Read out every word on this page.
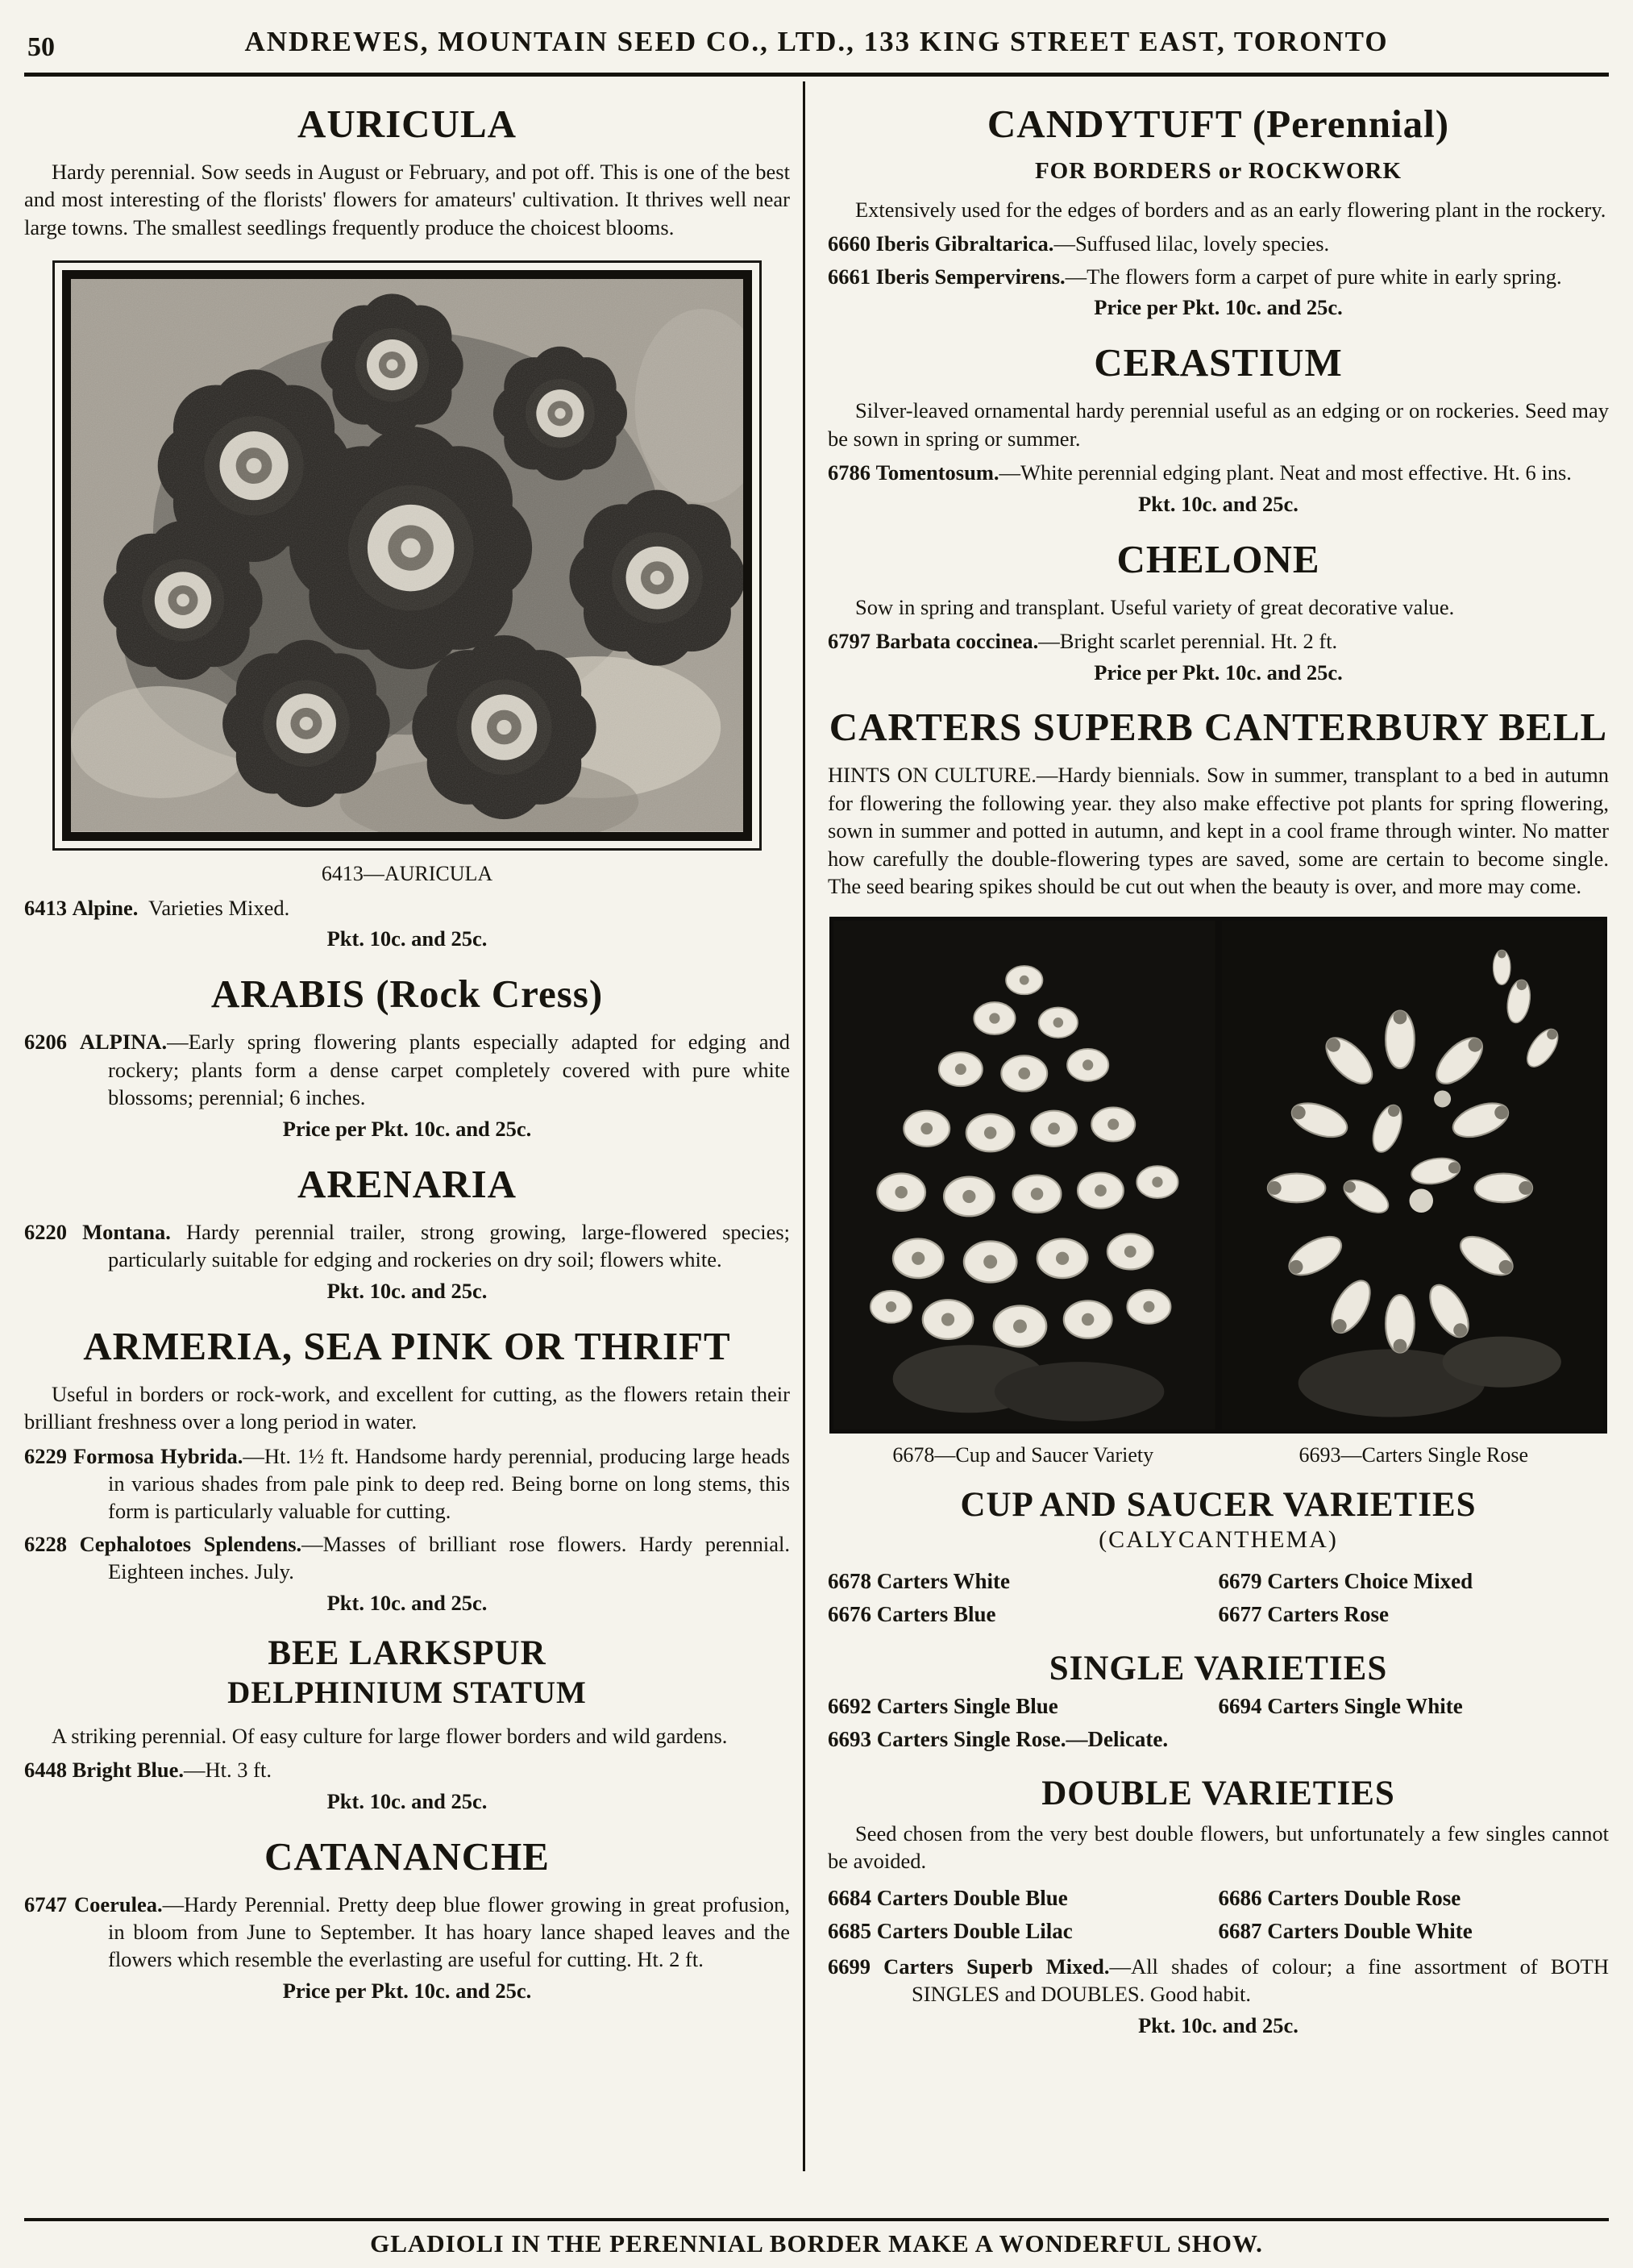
50	ANDREWES, MOUNTAIN SEED CO., LTD., 133 KING STREET EAST, TORONTO
AURICULA

Hardy perennial. Sow seeds in August or February, and pot off. This is one of the best and most interesting of the florists' flowers for amateurs' cultivation. It thrives well near large towns. The smallest seedlings frequently produce the choicest blooms.

6413—AURICULA

6413 Alpine. Varieties Mixed.

Pkt. 10c. and 25c.

ARABIS (Rock Cress)

6206 ALPINA.—Early spring flowering plants especially adapted for edging and rockery; plants form a dense carpet completely covered with pure white blossoms; perennial; 6 inches.

Price per Pkt. 10c. and 25c.

ARENARIA

6220 Montana. Hardy perennial trailer, strong growing, large-flowered species; particularly suitable for edging and rockeries on dry soil; flowers white.

Pkt. 10c. and 25c.

ARMERIA, SEA PINK OR THRIFT

Useful in borders or rock-work, and excellent for cutting, as the flowers retain their brilliant freshness over a long period in water.

6229 Formosa Hybrida.—Ht. 1½ ft. Handsome hardy perennial, producing large heads in various shades from pale pink to deep red. Being borne on long stems, this form is particularly valuable for cutting.

6228 Cephalotoes Splendens.—Masses of brilliant rose flowers. Hardy perennial. Eighteen inches. July.

Pkt. 10c. and 25c.

BEE LARKSPUR
DELPHINIUM STATUM

A striking perennial. Of easy culture for large flower borders and wild gardens.

6448 Bright Blue.—Ht. 3 ft.

Pkt. 10c. and 25c.

CATANANCHE

6747 Coerulea.—Hardy Perennial. Pretty deep blue flower growing in great profusion, in bloom from June to September. It has hoary lance shaped leaves and the flowers which resemble the everlasting are useful for cutting. Ht. 2 ft.

Price per Pkt. 10c. and 25c.

CANDYTUFT (Perennial)

FOR BORDERS or ROCKWORK

Extensively used for the edges of borders and as an early flowering plant in the rockery.

6660 Iberis Gibraltarica.—Suffused lilac, lovely species.

6661 Iberis Sempervirens.—The flowers form a carpet of pure white in early spring.

Price per Pkt. 10c. and 25c.

CERASTIUM

Silver-leaved ornamental hardy perennial useful as an edging or on rockeries. Seed may be sown in spring or summer.

6786 Tomentosum.—White perennial edging plant. Neat and most effective. Ht. 6 ins.

Pkt. 10c. and 25c.

CHELONE

Sow in spring and transplant. Useful variety of great decorative value.

6797 Barbata coccinea.—Bright scarlet perennial. Ht. 2 ft.

Price per Pkt. 10c. and 25c.

CARTERS SUPERB CANTERBURY BELL

HINTS ON CULTURE.—Hardy biennials. Sow in summer, transplant to a bed in autumn for flowering the following year. they also make effective pot plants for spring flowering, sown in summer and potted in autumn, and kept in a cool frame through winter. No matter how carefully the double-flowering types are saved, some are certain to become single. The seed bearing spikes should be cut out when the beauty is over, and more may come.

6678—Cup and Saucer Variety	6693—Carters Single Rose
CUP AND SAUCER VARIETIES

(CALYCANTHEMA)

6678 Carters White	6679 Carters Choice Mixed

6676 Carters Blue	6677 Carters Rose

SINGLE VARIETIES

6692 Carters Single Blue	6694 Carters Single White

6693 Carters Single Rose.—Delicate.

DOUBLE VARIETIES

Seed chosen from the very best double flowers, but unfortunately a few singles cannot be avoided.

6684 Carters Double Blue	6686 Carters Double Rose

6685 Carters Double Lilac	6687 Carters Double White

6699 Carters Superb Mixed.—All shades of colour; a fine assortment of BOTH SINGLES and DOUBLES. Good habit.

Pkt. 10c. and 25c.

GLADIOLI IN THE PERENNIAL BORDER MAKE A WONDERFUL SHOW.
